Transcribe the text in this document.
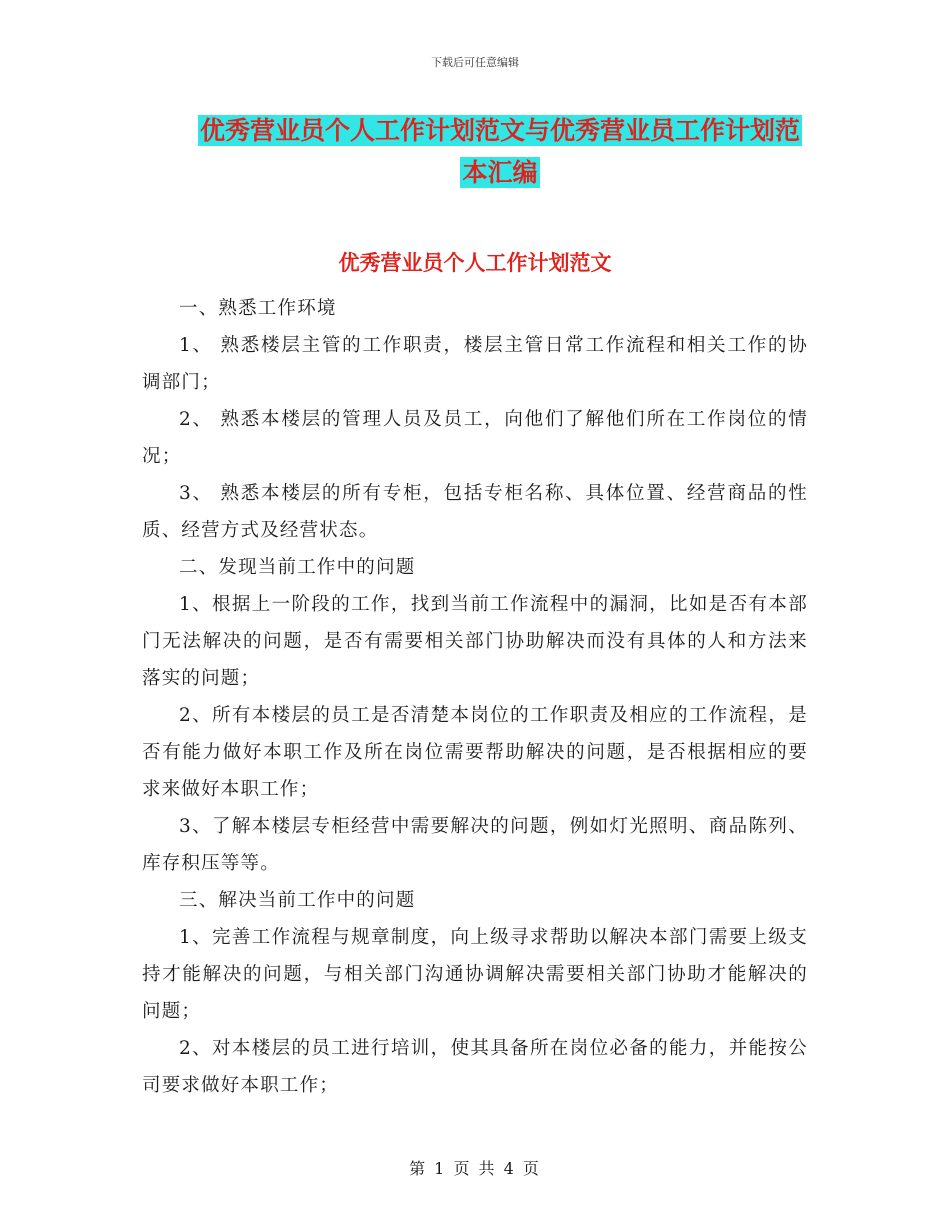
下载后可任意编辑
优秀营业员个人工作计划范文与优秀营业员工作计划范本汇编
优秀营业员个人工作计划范文

一、熟悉工作环境

1、 熟悉楼层主管的工作职责，楼层主管日常工作流程和相关工作的协调部门；

2、 熟悉本楼层的管理人员及员工，向他们了解他们所在工作岗位的情况；

3、 熟悉本楼层的所有专柜，包括专柜名称、具体位置、经营商品的性质、经营方式及经营状态。

二、发现当前工作中的问题

1、根据上一阶段的工作，找到当前工作流程中的漏洞，比如是否有本部门无法解决的问题，是否有需要相关部门协助解决而没有具体的人和方法来落实的问题；

2、所有本楼层的员工是否清楚本岗位的工作职责及相应的工作流程，是否有能力做好本职工作及所在岗位需要帮助解决的问题，是否根据相应的要求来做好本职工作；

3、了解本楼层专柜经营中需要解决的问题，例如灯光照明、商品陈列、库存积压等等。

三、解决当前工作中的问题

1、完善工作流程与规章制度，向上级寻求帮助以解决本部门需要上级支持才能解决的问题，与相关部门沟通协调解决需要相关部门协助才能解决的问题；

2、对本楼层的员工进行培训，使其具备所在岗位必备的能力，并能按公司要求做好本职工作；

第 1 页 共 4 页
